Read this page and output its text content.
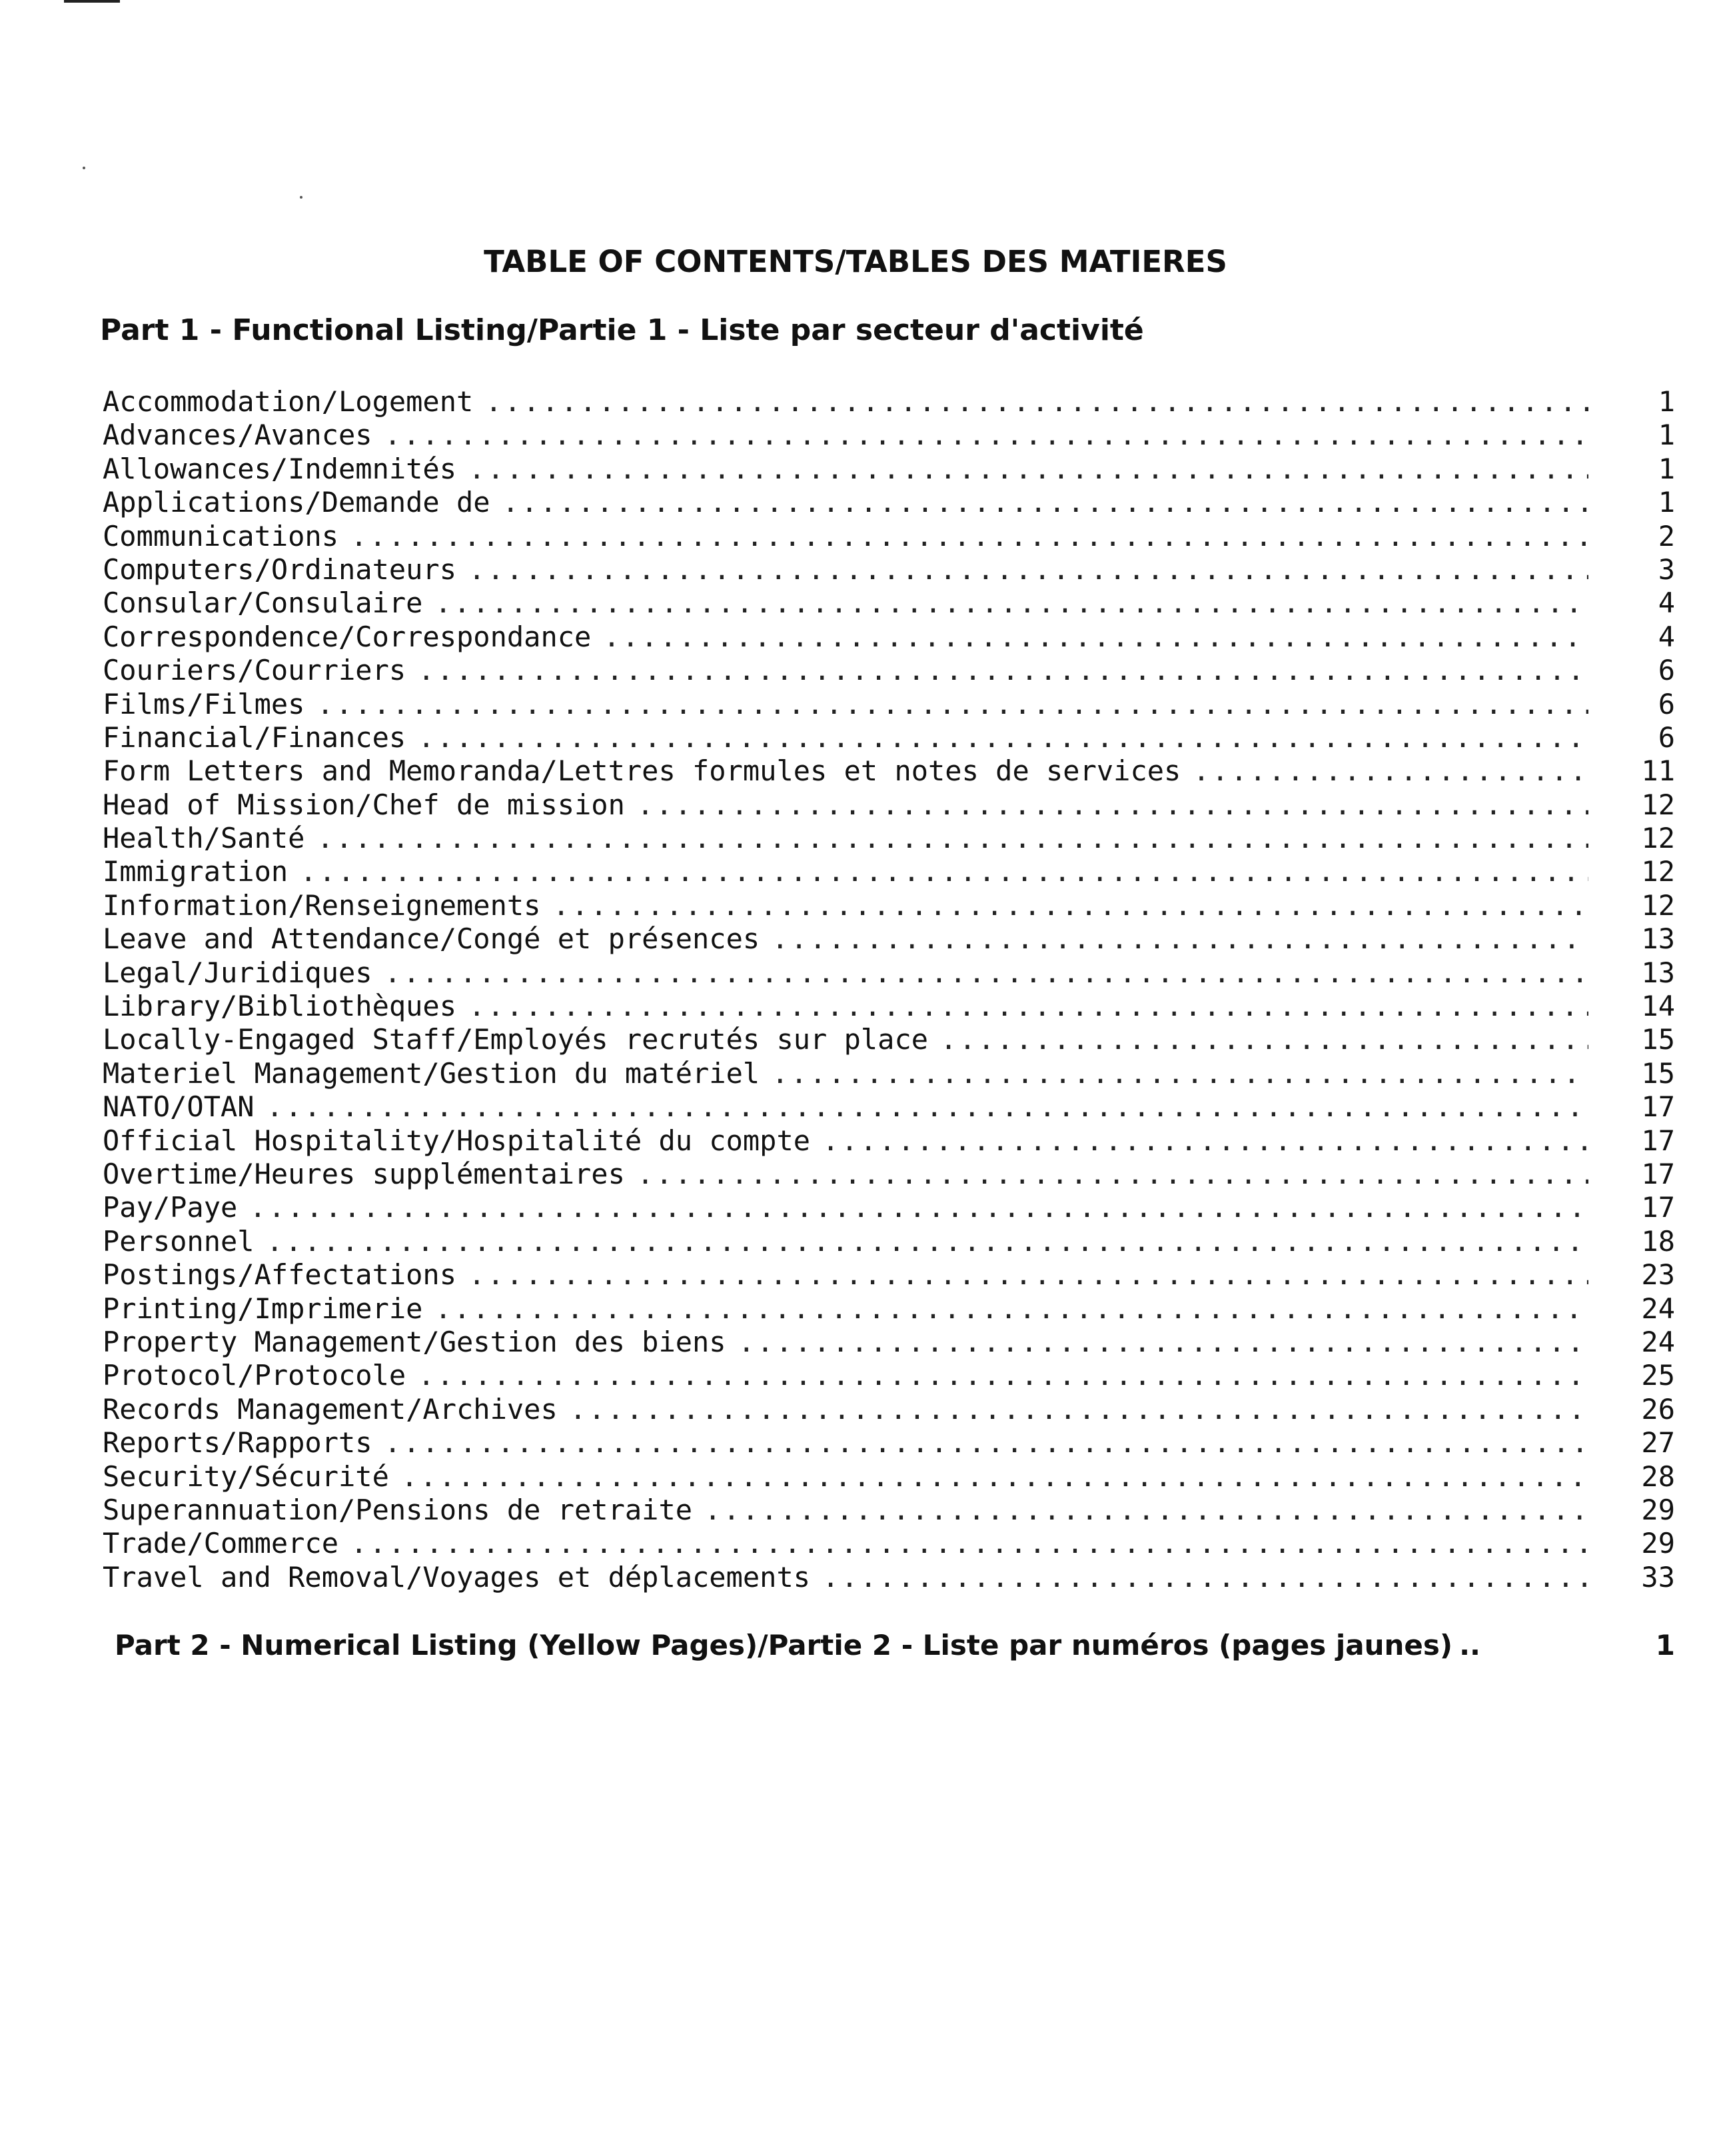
TABLE OF CONTENTS/TABLES DES MATIERES
Part 1 - Functional Listing/Partie 1 - Liste par secteur d'activité
Accommodation/Logement .....	1
Advances/Avances .....	1
Allowances/Indemnités .....	1
Applications/Demande de .....	1
Communications .....	2
Computers/Ordinateurs .....	3
Consular/Consulaire .....	4
Correspondence/Correspondance .....	4
Couriers/Courriers .....	6
Films/Filmes .....	6
Financial/Finances .....	6
Form Letters and Memoranda/Lettres formules et notes de services .....	11
Head of Mission/Chef de mission .....	12
Health/Santé .....	12
Immigration .....	12
Information/Renseignements .....	12
Leave and Attendance/Congé et présences .....	13
Legal/Juridiques .....	13
Library/Bibliothèques .....	14
Locally-Engaged Staff/Employés recrutés sur place .....	15
Materiel Management/Gestion du matériel .....	15
NATO/OTAN .....	17
Official Hospitality/Hospitalité du compte .....	17
Overtime/Heures supplémentaires .....	17
Pay/Paye .....	17
Personnel .....	18
Postings/Affectations .....	23
Printing/Imprimerie .....	24
Property Management/Gestion des biens .....	24
Protocol/Protocole .....	25
Records Management/Archives .....	26
Reports/Rapports .....	27
Security/Sécurité .....	28
Superannuation/Pensions de retraite .....	29
Trade/Commerce .....	29
Travel and Removal/Voyages et déplacements .....	33
Part 2 - Numerical Listing (Yellow Pages)/Partie 2 - Liste par numéros (pages jaunes) ..	1
